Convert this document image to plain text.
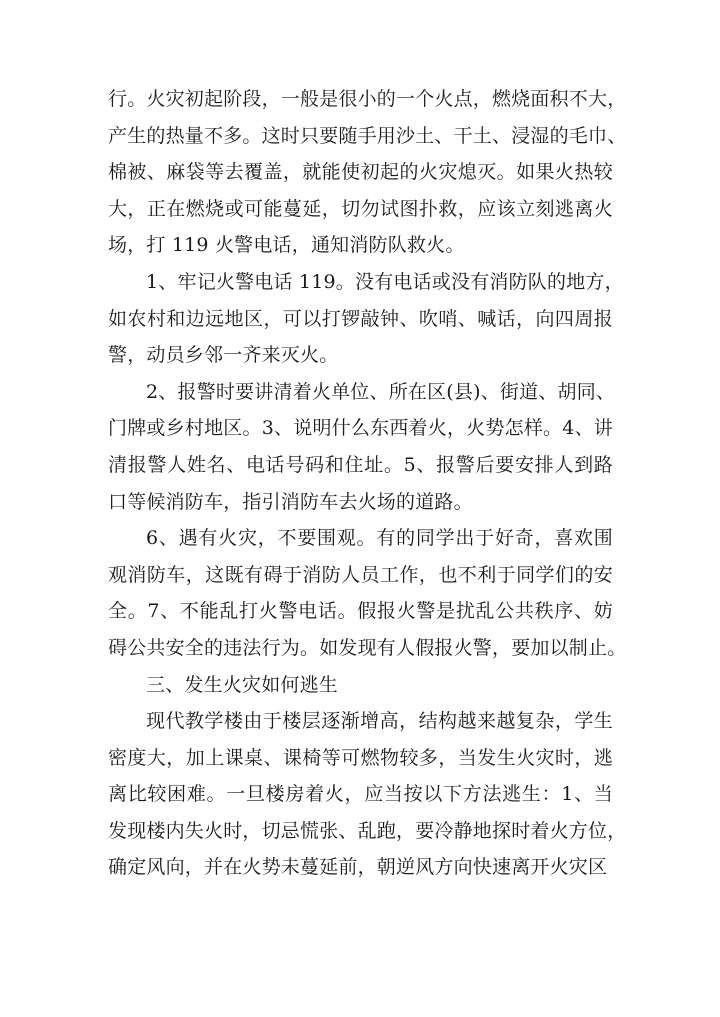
行。火灾初起阶段，一般是很小的一个火点，燃烧面积不大，
产生的热量不多。这时只要随手用沙土、干土、浸湿的毛巾、
棉被、麻袋等去覆盖，就能使初起的火灾熄灭。如果火热较
大，正在燃烧或可能蔓延，切勿试图扑救，应该立刻逃离火
场，打 119 火警电话，通知消防队救火。
1、牢记火警电话 119。没有电话或没有消防队的地方，
如农村和边远地区，可以打锣敲钟、吹哨、喊话，向四周报
警，动员乡邻一齐来灭火。
2、报警时要讲清着火单位、所在区(县)、街道、胡同、
门牌或乡村地区。3、说明什么东西着火，火势怎样。4、讲
清报警人姓名、电话号码和住址。5、报警后要安排人到路
口等候消防车，指引消防车去火场的道路。
6、遇有火灾，不要围观。有的同学出于好奇，喜欢围
观消防车，这既有碍于消防人员工作，也不利于同学们的安
全。7、不能乱打火警电话。假报火警是扰乱公共秩序、妨
碍公共安全的违法行为。如发现有人假报火警，要加以制止。
三、发生火灾如何逃生
现代教学楼由于楼层逐渐增高，结构越来越复杂，学生
密度大，加上课桌、课椅等可燃物较多，当发生火灾时，逃
离比较困难。一旦楼房着火，应当按以下方法逃生：1、当
发现楼内失火时，切忌慌张、乱跑，要冷静地探时着火方位，
确定风向，并在火势未蔓延前，朝逆风方向快速离开火灾区
